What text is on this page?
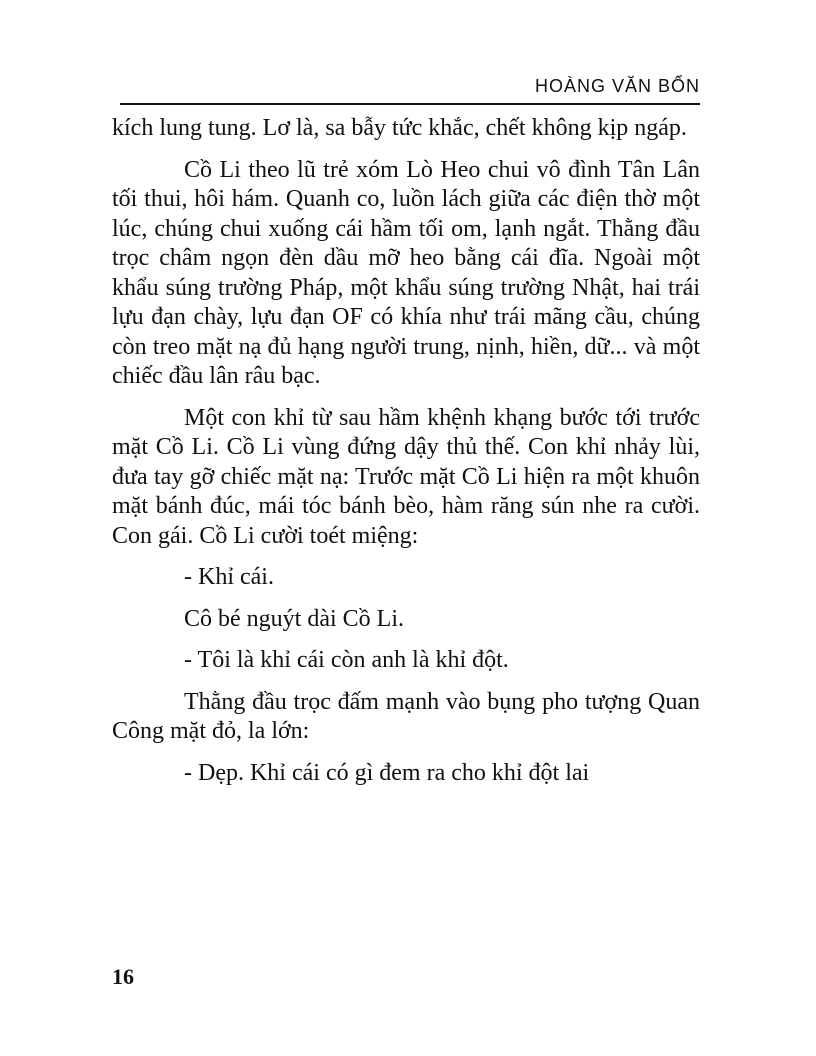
HOÀNG VĂN BỔN

kích lung tung. Lơ là, sa bẫy tức khắc, chết không kịp ngáp.

Cồ Li theo lũ trẻ xóm Lò Heo chui vô đình Tân Lân tối thui, hôi hám. Quanh co, luồn lách giữa các điện thờ một lúc, chúng chui xuống cái hầm tối om, lạnh ngắt. Thằng đầu trọc châm ngọn đèn dầu mỡ heo bằng cái đĩa. Ngoài một khẩu súng trường Pháp, một khẩu súng trường Nhật, hai trái lựu đạn chày, lựu đạn OF có khía như trái mãng cầu, chúng còn treo mặt nạ đủ hạng người trung, nịnh, hiền, dữ... và một chiếc đầu lân râu bạc.

Một con khỉ từ sau hầm khệnh khạng bước tới trước mặt Cồ Li. Cồ Li vùng đứng dậy thủ thế. Con khỉ nhảy lùi, đưa tay gỡ chiếc mặt nạ: Trước mặt Cồ Li hiện ra một khuôn mặt bánh đúc, mái tóc bánh bèo, hàm răng sún nhe ra cười. Con gái. Cồ Li cười toét miệng:

- Khỉ cái.

Cô bé nguýt dài Cồ Li.

- Tôi là khỉ cái còn anh là khỉ đột.

Thằng đầu trọc đấm mạnh vào bụng pho tượng Quan Công mặt đỏ, la lớn:

- Dẹp. Khỉ cái có gì đem ra cho khỉ đột lai

16
